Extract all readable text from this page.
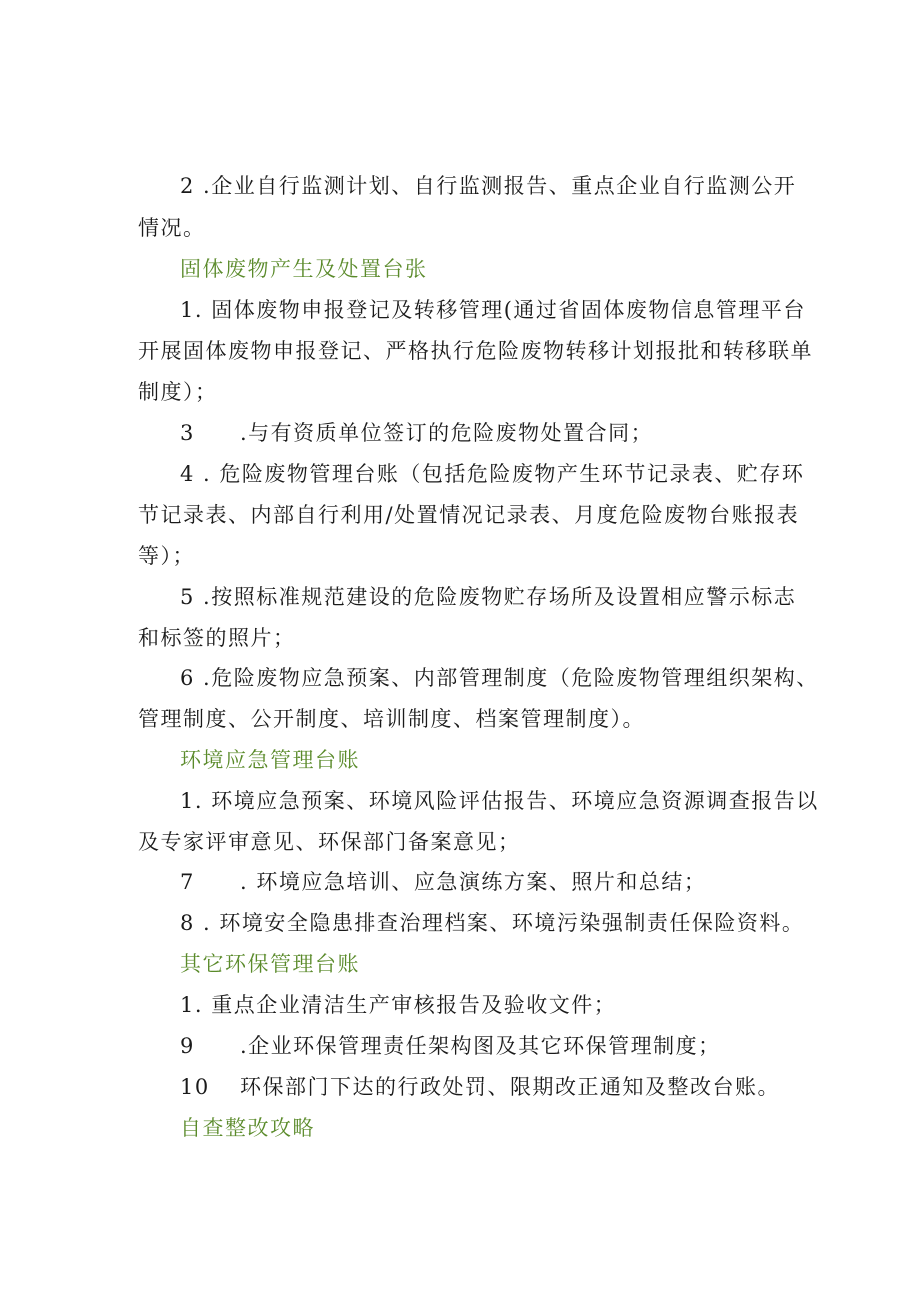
2 .企业自行监测计划、自行监测报告、重点企业自行监测公开
情况。
固体废物产生及处置台张
1. 固体废物申报登记及转移管理(通过省固体废物信息管理平台
开展固体废物申报登记、严格执行危险废物转移计划报批和转移联单
制度）；
3 .与有资质单位签订的危险废物处置合同；
4 . 危险废物管理台账（包括危险废物产生环节记录表、贮存环
节记录表、内部自行利用/处置情况记录表、月度危险废物台账报表
等）；
5 .按照标准规范建设的危险废物贮存场所及设置相应警示标志
和标签的照片；
6 .危险废物应急预案、内部管理制度（危险废物管理组织架构、
管理制度、公开制度、培训制度、档案管理制度）。
环境应急管理台账
1. 环境应急预案、环境风险评估报告、环境应急资源调查报告以
及专家评审意见、环保部门备案意见；
7 . 环境应急培训、应急演练方案、照片和总结；
8 . 环境安全隐患排查治理档案、环境污染强制责任保险资料。
其它环保管理台账
1. 重点企业清洁生产审核报告及验收文件；
9 .企业环保管理责任架构图及其它环保管理制度；
10 环保部门下达的行政处罚、限期改正通知及整改台账。
自查整改攻略
